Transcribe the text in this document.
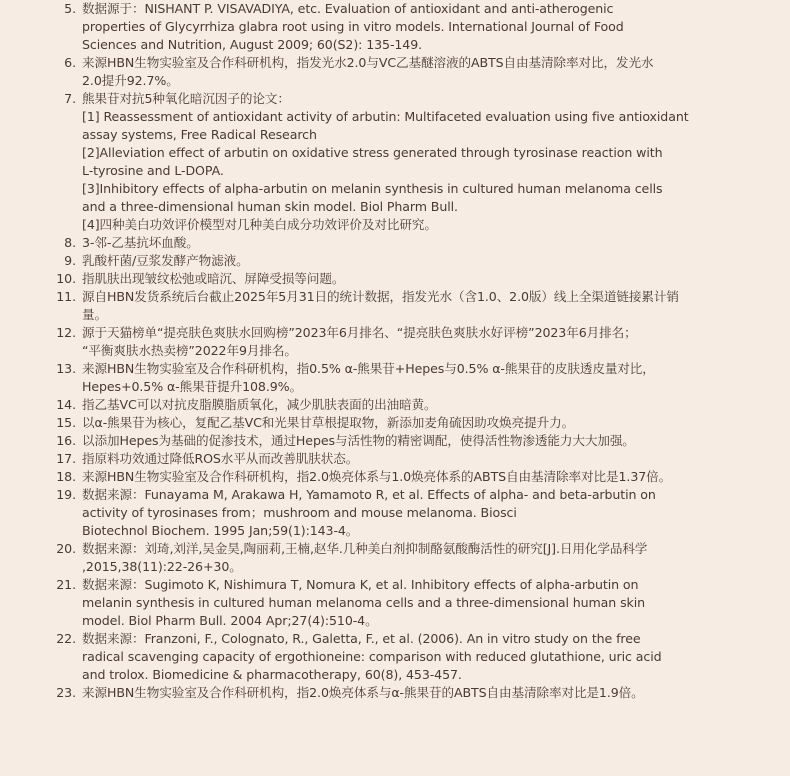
5. 数据源于：NISHANT P. VISAVADIYA, etc. Evaluation of antioxidant and anti-atherogenic
properties of Glycyrrhiza glabra root using in vitro models. International Journal of Food
Sciences and Nutrition, August 2009; 60(S2): 135-149.
6. 来源HBN生物实验室及合作科研机构，指发光水2.0与VC乙基醚溶液的ABTS自由基清除率对比，发光水
2.0提升92.7%。
7. 熊果苷对抗5种氧化暗沉因子的论文：
[1] Reassessment of antioxidant activity of arbutin: Multifaceted evaluation using five antioxidant
assay systems, Free Radical Research
[2]Alleviation effect of arbutin on oxidative stress generated through tyrosinase reaction with
L-tyrosine and L-DOPA.
[3]Inhibitory effects of alpha-arbutin on melanin synthesis in cultured human melanoma cells
and a three-dimensional human skin model. Biol Pharm Bull.
[4]四种美白功效评价模型对几种美白成分功效评价及对比研究。
8. 3-邻-乙基抗坏血酸。
9. 乳酸杆菌/豆浆发酵产物滤液。
10. 指肌肤出现皱纹松弛或暗沉、屏障受损等问题。
11. 源自HBN发货系统后台截止2025年5月31日的统计数据，指发光水（含1.0、2.0版）线上全渠道链接累计销
量。
12. 源于天猫榜单“提亮肤色爽肤水回购榜”2023年6月排名、“提亮肤色爽肤水好评榜”2023年6月排名；
“平衡爽肤水热卖榜”2022年9月排名。
13. 来源HBN生物实验室及合作科研机构，指0.5% α-熊果苷+Hepes与0.5% α-熊果苷的皮肤透皮量对比，
Hepes+0.5% α-熊果苷提升108.9%。
14. 指乙基VC可以对抗皮脂膜脂质氧化，减少肌肤表面的出油暗黄。
15. 以α-熊果苷为核心，复配乙基VC和光果甘草根提取物，新添加麦角硫因助攻焕亮提升力。
16. 以添加Hepes为基础的促渗技术，通过Hepes与活性物的精密调配，使得活性物渗透能力大大加强。
17. 指原料功效通过降低ROS水平从而改善肌肤状态。
18. 来源HBN生物实验室及合作科研机构，指2.0焕亮体系与1.0焕亮体系的ABTS自由基清除率对比是1.37倍。
19. 数据来源：Funayama M, Arakawa H, Yamamoto R, et al. Effects of alpha- and beta-arbutin on
activity of tyrosinases from；mushroom and mouse melanoma. Biosci
Biotechnol Biochem. 1995 Jan;59(1):143-4。
20. 数据来源：刘琦,刘洋,吴金昊,陶丽莉,王楠,赵华.几种美白剂抑制酪氨酸酶活性的研究[J].日用化学品科学
,2015,38(11):22-26+30。
21. 数据来源：Sugimoto K, Nishimura T, Nomura K, et al. Inhibitory effects of alpha-arbutin on
melanin synthesis in cultured human melanoma cells and a three-dimensional human skin
model. Biol Pharm Bull. 2004 Apr;27(4):510-4。
22. 数据来源：Franzoni, F., Colognato, R., Galetta, F., et al. (2006). An in vitro study on the free
radical scavenging capacity of ergothioneine: comparison with reduced glutathione, uric acid
and trolox. Biomedicine & pharmacotherapy, 60(8), 453-457.
23. 来源HBN生物实验室及合作科研机构，指2.0焕亮体系与α-熊果苷的ABTS自由基清除率对比是1.9倍。
